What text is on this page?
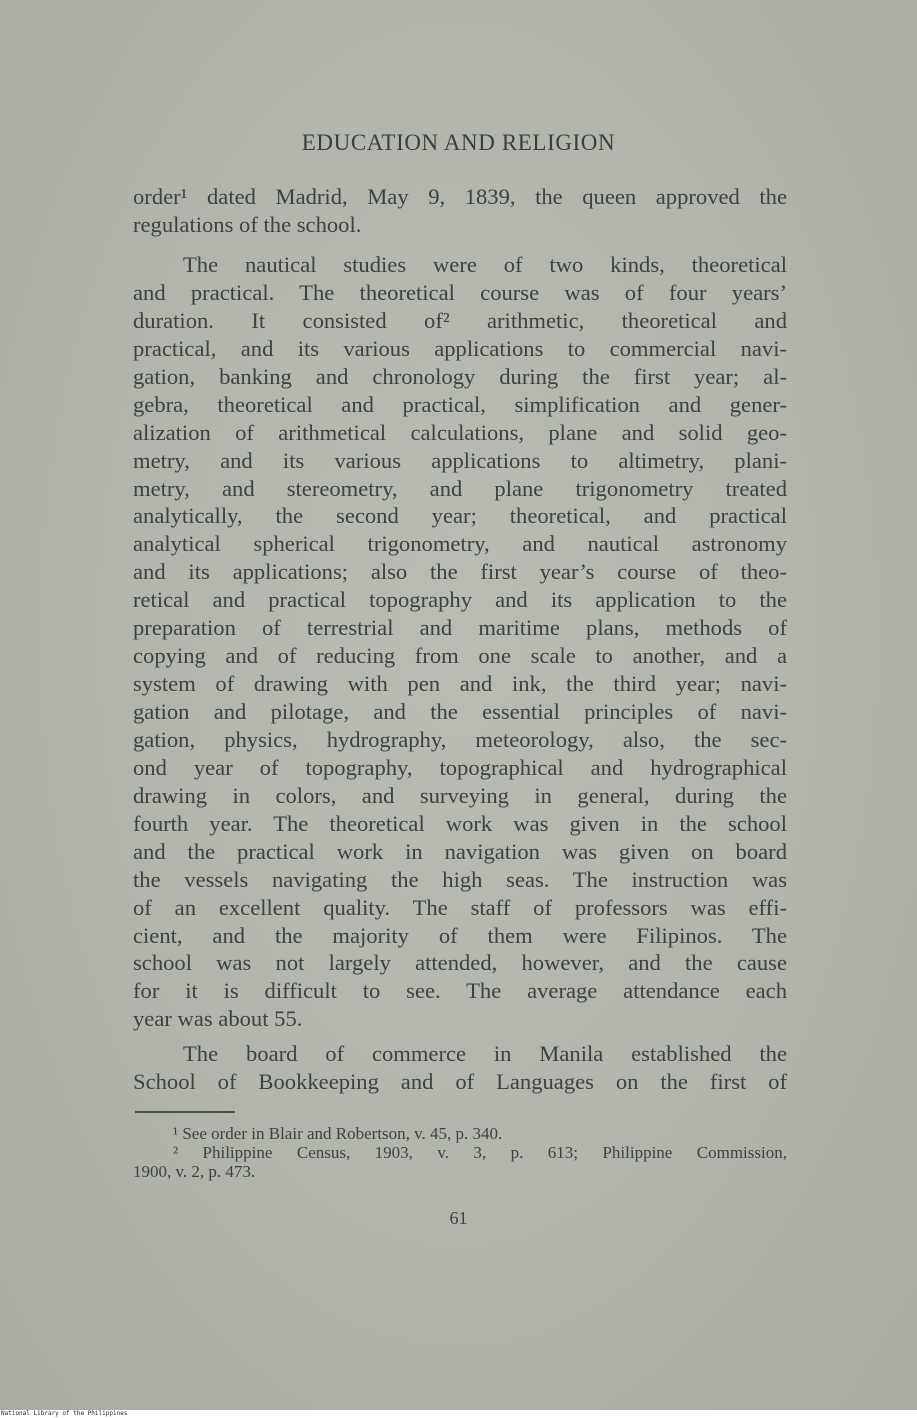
EDUCATION AND RELIGION
order¹ dated Madrid, May 9, 1839, the queen approved the
regulations of the school.
The nautical studies were of two kinds, theoretical
and practical. The theoretical course was of four years’
duration. It consisted of² arithmetic, theoretical and
practical, and its various applications to commercial navi-
gation, banking and chronology during the first year; al-
gebra, theoretical and practical, simplification and gener-
alization of arithmetical calculations, plane and solid geo-
metry, and its various applications to altimetry, plani-
metry, and stereometry, and plane trigonometry treated
analytically, the second year; theoretical, and practical
analytical spherical trigonometry, and nautical astronomy
and its applications; also the first year’s course of theo-
retical and practical topography and its application to the
preparation of terrestrial and maritime plans, methods of
copying and of reducing from one scale to another, and a
system of drawing with pen and ink, the third year; navi-
gation and pilotage, and the essential principles of navi-
gation, physics, hydrography, meteorology, also, the sec-
ond year of topography, topographical and hydrographical
drawing in colors, and surveying in general, during the
fourth year. The theoretical work was given in the school
and the practical work in navigation was given on board
the vessels navigating the high seas. The instruction was
of an excellent quality. The staff of professors was effi-
cient, and the majority of them were Filipinos. The
school was not largely attended, however, and the cause
for it is difficult to see. The average attendance each
year was about 55.
The board of commerce in Manila established the
School of Bookkeeping and of Languages on the first of
¹ See order in Blair and Robertson, v. 45, p. 340.
² Philippine Census, 1903, v. 3, p. 613; Philippine Commission,
1900, v. 2, p. 473.
61
National Library of the Philippines
